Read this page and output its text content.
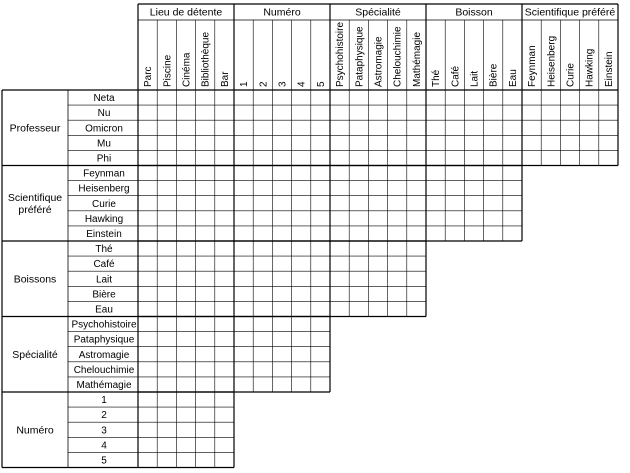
Lieu de détente
Parc Piscine Cinéma Bibliothèque Bar
Numéro
1 2 3 4 5
Spécialité
Psychohistoire Pataphysique Astromagie Chelouchimie Mathémagie
Boisson
Thé Café Lait Bière Eau
Scientifique préféré
Feynman Heisenberg Curie Hawking Einstein
Professeur
Neta
Nu
Omicron
Mu
Phi
Scientifique
préféré
Feynman
Heisenberg
Curie
Hawking
Einstein
Boissons
Thé
Café
Lait
Bière
Eau
Spécialité
Psychohistoire
Pataphysique
Astromagie
Chelouchimie
Mathémagie
Numéro
1
2
3
4
5
